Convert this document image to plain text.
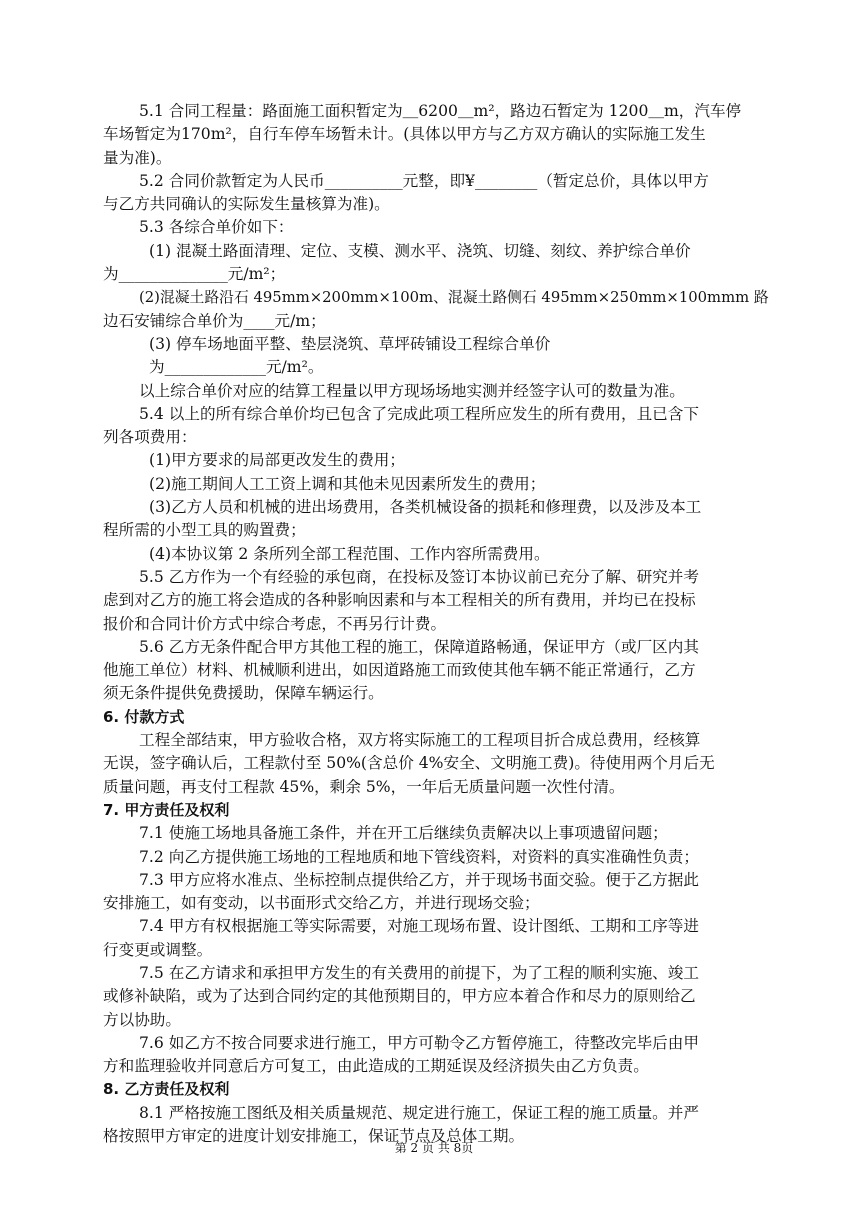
5.1 合同工程量：路面施工面积暂定为＿6200＿m²，路边石暂定为 1200＿m，汽车停

车场暂定为170m²，自行车停车场暂未计。(具体以甲方与乙方双方确认的实际施工发生

量为准)。

5.2 合同价款暂定为人民币__________元整，即¥________（暂定总价，具体以甲方

与乙方共同确认的实际发生量核算为准)。

5.3 各综合单价如下：

(1) 混凝土路面清理、定位、支模、测水平、浇筑、切缝、刻纹、养护综合单价

为______________元/m²；

(2)混凝土路沿石 495mm×200mm×100m、混凝土路侧石 495mm×250mm×100mmm 路

边石安铺综合单价为____元/m；

(3) 停车场地面平整、垫层浇筑、草坪砖铺设工程综合单价

为_____________元/m²。

以上综合单价对应的结算工程量以甲方现场场地实测并经签字认可的数量为准。

5.4 以上的所有综合单价均已包含了完成此项工程所应发生的所有费用，且已含下

列各项费用：

(1)甲方要求的局部更改发生的费用；

(2)施工期间人工工资上调和其他未见因素所发生的费用；

(3)乙方人员和机械的进出场费用，各类机械设备的损耗和修理费，以及涉及本工

程所需的小型工具的购置费；

(4)本协议第 2 条所列全部工程范围、工作内容所需费用。

5.5 乙方作为一个有经验的承包商，在投标及签订本协议前已充分了解、研究并考

虑到对乙方的施工将会造成的各种影响因素和与本工程相关的所有费用，并均已在投标

报价和合同计价方式中综合考虑，不再另行计费。

5.6 乙方无条件配合甲方其他工程的施工，保障道路畅通，保证甲方（或厂区内其

他施工单位）材料、机械顺利进出，如因道路施工而致使其他车辆不能正常通行，乙方

须无条件提供免费援助，保障车辆运行。

6. 付款方式

工程全部结束，甲方验收合格，双方将实际施工的工程项目折合成总费用，经核算

无误，签字确认后，工程款付至 50%(含总价 4%安全、文明施工费)。待使用两个月后无

质量问题，再支付工程款 45%，剩余 5%，一年后无质量问题一次性付清。

7. 甲方责任及权利

7.1 使施工场地具备施工条件，并在开工后继续负责解决以上事项遗留问题；

7.2 向乙方提供施工场地的工程地质和地下管线资料，对资料的真实准确性负责；

7.3 甲方应将水准点、坐标控制点提供给乙方，并于现场书面交验。便于乙方据此

安排施工，如有变动，以书面形式交给乙方，并进行现场交验；

7.4 甲方有权根据施工等实际需要，对施工现场布置、设计图纸、工期和工序等进

行变更或调整。

7.5 在乙方请求和承担甲方发生的有关费用的前提下，为了工程的顺利实施、竣工

或修补缺陷，或为了达到合同约定的其他预期目的，甲方应本着合作和尽力的原则给乙

方以协助。

7.6 如乙方不按合同要求进行施工，甲方可勒令乙方暂停施工，待整改完毕后由甲

方和监理验收并同意后方可复工，由此造成的工期延误及经济损失由乙方负责。

8. 乙方责任及权利

8.1 严格按施工图纸及相关质量规范、规定进行施工，保证工程的施工质量。并严

格按照甲方审定的进度计划安排施工，保证节点及总体工期。

第 2 页 共 8页
